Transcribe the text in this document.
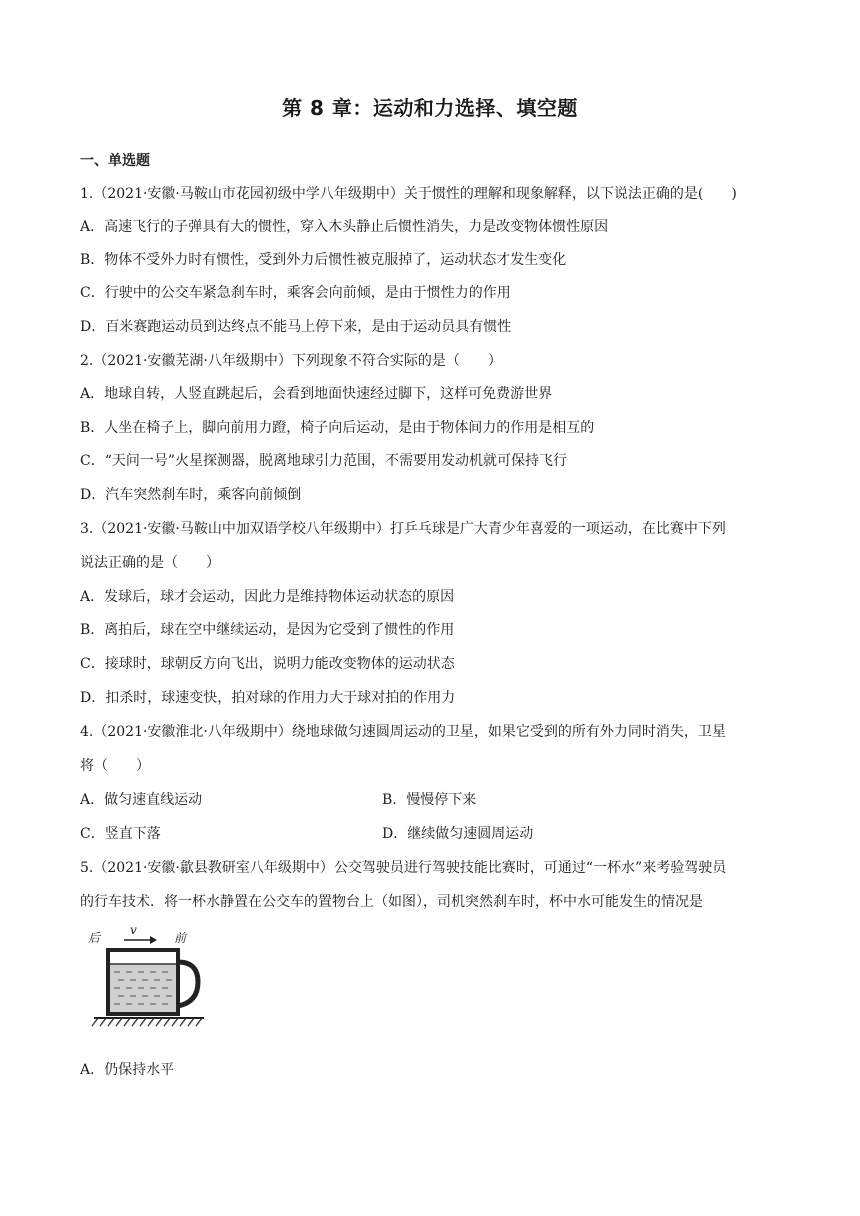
第 8 章：运动和力选择、填空题
一、单选题
1.（2021·安徽·马鞍山市花园初级中学八年级期中）关于惯性的理解和现象解释，以下说法正确的是(　　)
A．高速飞行的子弹具有大的惯性，穿入木头静止后惯性消失，力是改变物体惯性原因
B．物体不受外力时有惯性，受到外力后惯性被克服掉了，运动状态才发生变化
C．行驶中的公交车紧急刹车时，乘客会向前倾，是由于惯性力的作用
D．百米赛跑运动员到达终点不能马上停下来，是由于运动员具有惯性
2.（2021·安徽芜湖·八年级期中）下列现象不符合实际的是（　　）
A．地球自转，人竖直跳起后，会看到地面快速经过脚下，这样可免费游世界
B．人坐在椅子上，脚向前用力蹬，椅子向后运动，是由于物体间力的作用是相互的
C．“天问一号”火星探测器，脱离地球引力范围，不需要用发动机就可保持飞行
D．汽车突然刹车时，乘客向前倾倒
3.（2021·安徽·马鞍山中加双语学校八年级期中）打乒乓球是广大青少年喜爱的一项运动，在比赛中下列
说法正确的是（　　）
A．发球后，球才会运动，因此力是维持物体运动状态的原因
B．离拍后，球在空中继续运动，是因为它受到了惯性的作用
C．接球时，球朝反方向飞出，说明力能改变物体的运动状态
D．扣杀时，球速变快，拍对球的作用力大于球对拍的作用力
4.（2021·安徽淮北·八年级期中）绕地球做匀速圆周运动的卫星，如果它受到的所有外力同时消失，卫星
将（　　）
A．做匀速直线运动	B．慢慢停下来
C．竖直下落	D．继续做匀速圆周运动
5.（2021·安徽·歙县教研室八年级期中）公交驾驶员进行驾驶技能比赛时，可通过“一杯水”来考验驾驶员
的行车技术．将一杯水静置在公交车的置物台上（如图），司机突然刹车时，杯中水可能发生的情况是
后
v
前
A．仍保持水平
